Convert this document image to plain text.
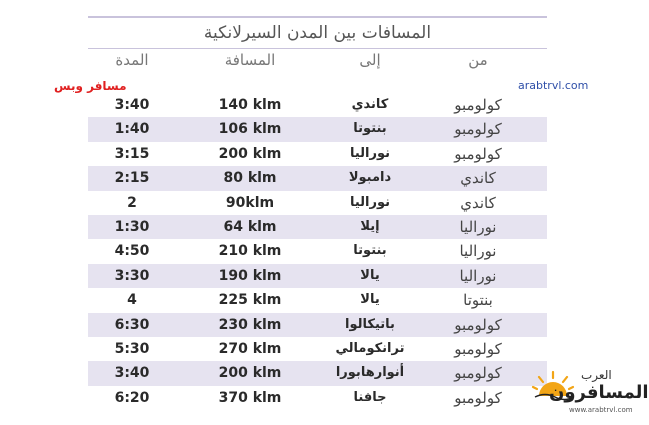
المسافات بين المدن السيرلانكية
المدة	المسافة	إلى	من
3:40	140 klm	كاندي	كولومبو
1:40	106 klm	بنتوتا	كولومبو
3:15	200 klm	نوراليا	كولومبو
2:15	80 klm	دامبولا	كاندي
2	90klm	نوراليا	كاندي
1:30	64 klm	إيلا	نوراليا
4:50	210 klm	بنتوتا	نوراليا
3:30	190 klm	يالا	نوراليا
4	225 klm	يالا	بنتوتا
6:30	230 klm	باتيكالوا	كولومبو
5:30	270 klm	ترانكومالي	كولومبو
3:40	200 klm	أنوارهابورا	كولومبو
6:20	370 klm	جافنا	كولومبو
مسافر وبس	arabtrvl.com
العرب
المسافرون
www.arabtrvl.com
